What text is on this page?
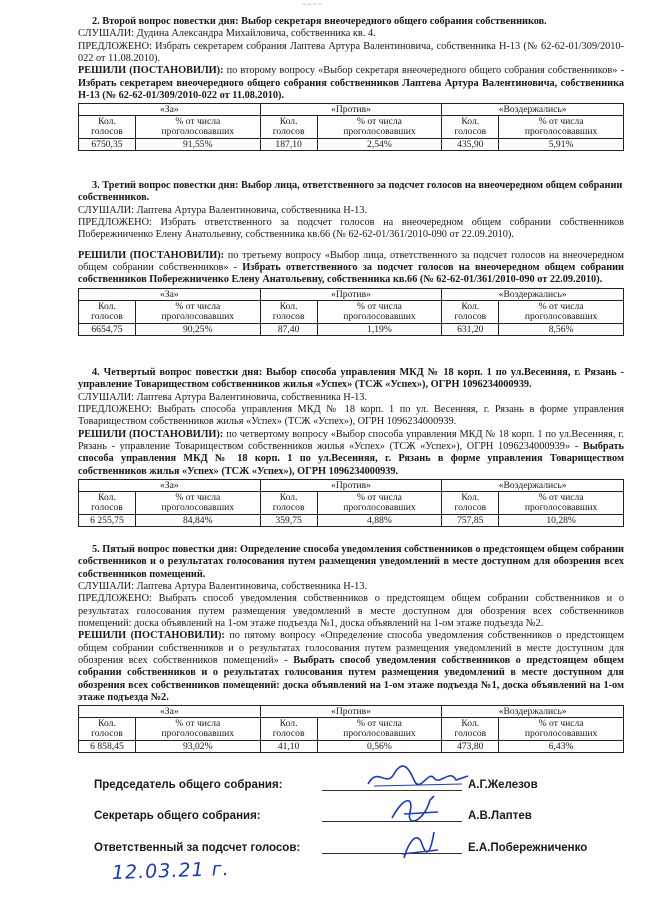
~~~~

2. Второй вопрос повестки дня: Выбор секретаря внеочередного общего собрания собственников.

СЛУШАЛИ: Дудина Александра Михайловича, собственника кв. 4.

ПРЕДЛОЖЕНО: Избрать секретарем собрания Лаптева Артура Валентиновича, собственника Н-13 (№ 62-62-01/309/2010-022 от 11.08.2010).

РЕШИЛИ (ПОСТАНОВИЛИ): по второму вопросу «Выбор секретаря внеочередного общего собрания собственников» - Избрать секретарем внеочередного общего собрания собственников Лаптева Артура Валентиновича, собственника Н-13 (№ 62-62-01/309/2010-022 от 11.08.2010).

«За»		«Против»		«Воздержались»	
Кол. голосов	% от числа проголосовавших	Кол. голосов	% от числа проголосовавших	Кол. голосов	% от числа проголосовавших
6750,35	91,55%	187,10	2,54%	435,90	5,91%

3. Третий вопрос повестки дня: Выбор лица, ответственного за подсчет голосов на внеочередном общем собрании собственников.

СЛУШАЛИ: Лаптева Артура Валентиновича, собственника Н-13.

ПРЕДЛОЖЕНО: Избрать ответственного за подсчет голосов на внеочередном общем собрании собственников Побережниченко Елену Анатольевну, собственника кв.66 (№ 62-62-01/361/2010-090 от 22.09.2010).

РЕШИЛИ (ПОСТАНОВИЛИ): по третьему вопросу «Выбор лица, ответственного за подсчет голосов на внеочередном общем собрании собственников» - Избрать ответственного за подсчет голосов на внеочередном общем собрании собственников Побережниченко Елену Анатольевну, собственника кв.66 (№ 62-62-01/361/2010-090 от 22.09.2010).

«За»		«Против»		«Воздержались»	
Кол. голосов	% от числа проголосовавших	Кол. голосов	% от числа проголосовавших	Кол. голосов	% от числа проголосовавших
6654,75	90,25%	87,40	1,19%	631,20	8,56%

4. Четвертый вопрос повестки дня: Выбор способа управления МКД № 18 корп. 1 по ул.Весенняя, г. Рязань - управление Товариществом собственников жилья «Успех» (ТСЖ «Успех»), ОГРН 1096234000939.

СЛУШАЛИ: Лаптева Артура Валентиновича, собственника Н-13.

ПРЕДЛОЖЕНО: Выбрать способа управления МКД № 18 корп. 1 по ул. Весенняя, г. Рязань в форме управления Товариществом собственников жилья «Успех» (ТСЖ «Успех»), ОГРН 1096234000939.

РЕШИЛИ (ПОСТАНОВИЛИ): по четвертому вопросу «Выбор способа управления МКД № 18 корп. 1 по ул.Весенняя, г. Рязань - управление Товариществом собственников жилья «Успех» (ТСЖ «Успех»), ОГРН 1096234000939» - Выбрать способа управления МКД № 18 корп. 1 по ул.Весенняя, г. Рязань в форме управления Товариществом собственников жилья «Успех» (ТСЖ «Успех»), ОГРН 1096234000939.

«За»		«Против»		«Воздержались»	
Кол. голосов	% от числа проголосовавших	Кол. голосов	% от числа проголосовавших	Кол. голосов	% от числа проголосовавших
6 255,75	84,84%	359,75	4,88%	757,85	10,28%

5. Пятый вопрос повестки дня: Определение способа уведомления собственников о предстоящем общем собрании собственников и о результатах голосования путем размещения уведомлений в месте доступном для обозрения всех собственников помещений.

СЛУШАЛИ: Лаптева Артура Валентиновича, собственника Н-13.

ПРЕДЛОЖЕНО: Выбрать способ уведомления собственников о предстоящем общем собрании собственников и о результатах голосования путем размещения уведомлений в месте доступном для обозрения всех собственников помещений: доска объявлений на 1-ом этаже подъезда №1, доска объявлений на 1-ом этаже подъезда №2.

РЕШИЛИ (ПОСТАНОВИЛИ): по пятому вопросу «Определение способа уведомления собственников о предстоящем общем собрании собственников и о результатах голосования путем размещения уведомлений в месте доступном для обозрения всех собственников помещений» - Выбрать способ уведомления собственников о предстоящем общем собрании собственников и о результатах голосования путем размещения уведомлений в месте доступном для обозрения всех собственников помещений: доска объявлений на 1-ом этаже подъезда №1, доска объявлений на 1-ом этаже подъезда №2.

«За»		«Против»		«Воздержались»	
Кол. голосов	% от числа проголосовавших	Кол. голосов	% от числа проголосовавших	Кол. голосов	% от числа проголосовавших
6 858,45	93,02%	41,10	0,56%	473,80	6,43%
Председатель общего собрания:	А.Г.Железов
Секретарь общего собрания:	А.В.Лаптев
Ответственный за подсчет голосов:	Е.А.Побережниченко
12.03.21 г.
